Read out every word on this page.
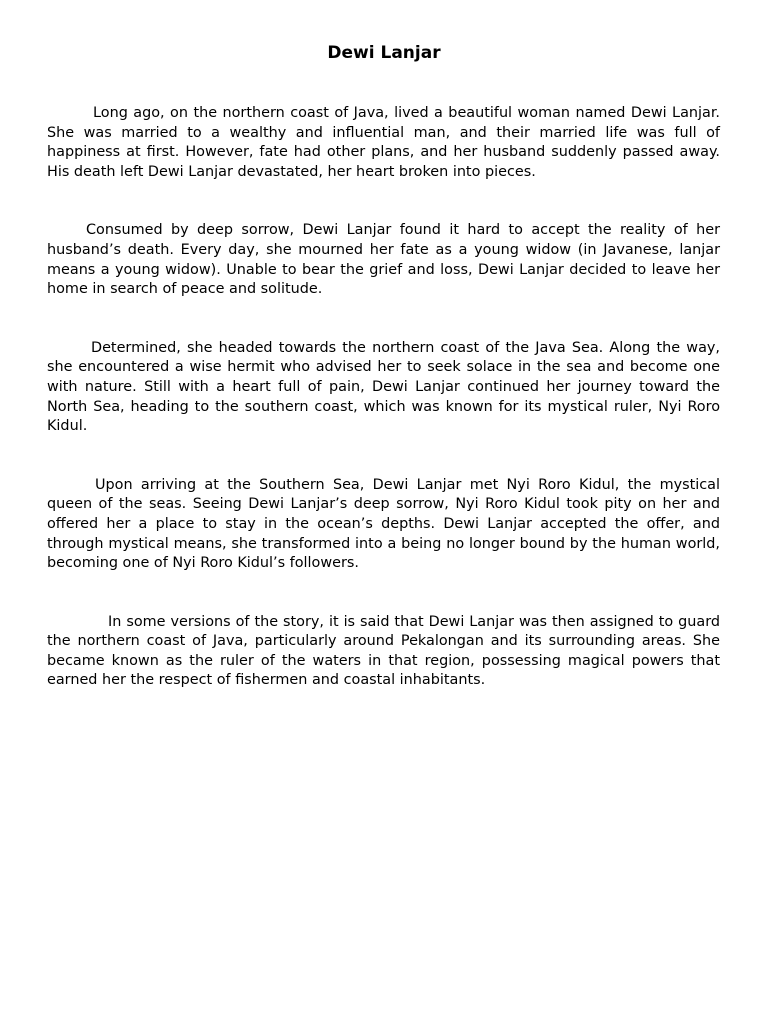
Dewi Lanjar

Long ago, on the northern coast of Java, lived a beautiful woman named Dewi Lanjar. She was married to a wealthy and influential man, and their married life was full of happiness at first. However, fate had other plans, and her husband suddenly passed away. His death left Dewi Lanjar devastated, her heart broken into pieces.

Consumed by deep sorrow, Dewi Lanjar found it hard to accept the reality of her husband’s death. Every day, she mourned her fate as a young widow (in Javanese, lanjar means a young widow). Unable to bear the grief and loss, Dewi Lanjar decided to leave her home in search of peace and solitude.

Determined, she headed towards the northern coast of the Java Sea. Along the way, she encountered a wise hermit who advised her to seek solace in the sea and become one with nature. Still with a heart full of pain, Dewi Lanjar continued her journey toward the North Sea, heading to the southern coast, which was known for its mystical ruler, Nyi Roro Kidul.

Upon arriving at the Southern Sea, Dewi Lanjar met Nyi Roro Kidul, the mystical queen of the seas. Seeing Dewi Lanjar’s deep sorrow, Nyi Roro Kidul took pity on her and offered her a place to stay in the ocean’s depths. Dewi Lanjar accepted the offer, and through mystical means, she transformed into a being no longer bound by the human world, becoming one of Nyi Roro Kidul’s followers.

In some versions of the story, it is said that Dewi Lanjar was then assigned to guard the northern coast of Java, particularly around Pekalongan and its surrounding areas. She became known as the ruler of the waters in that region, possessing magical powers that earned her the respect of fishermen and coastal inhabitants.
